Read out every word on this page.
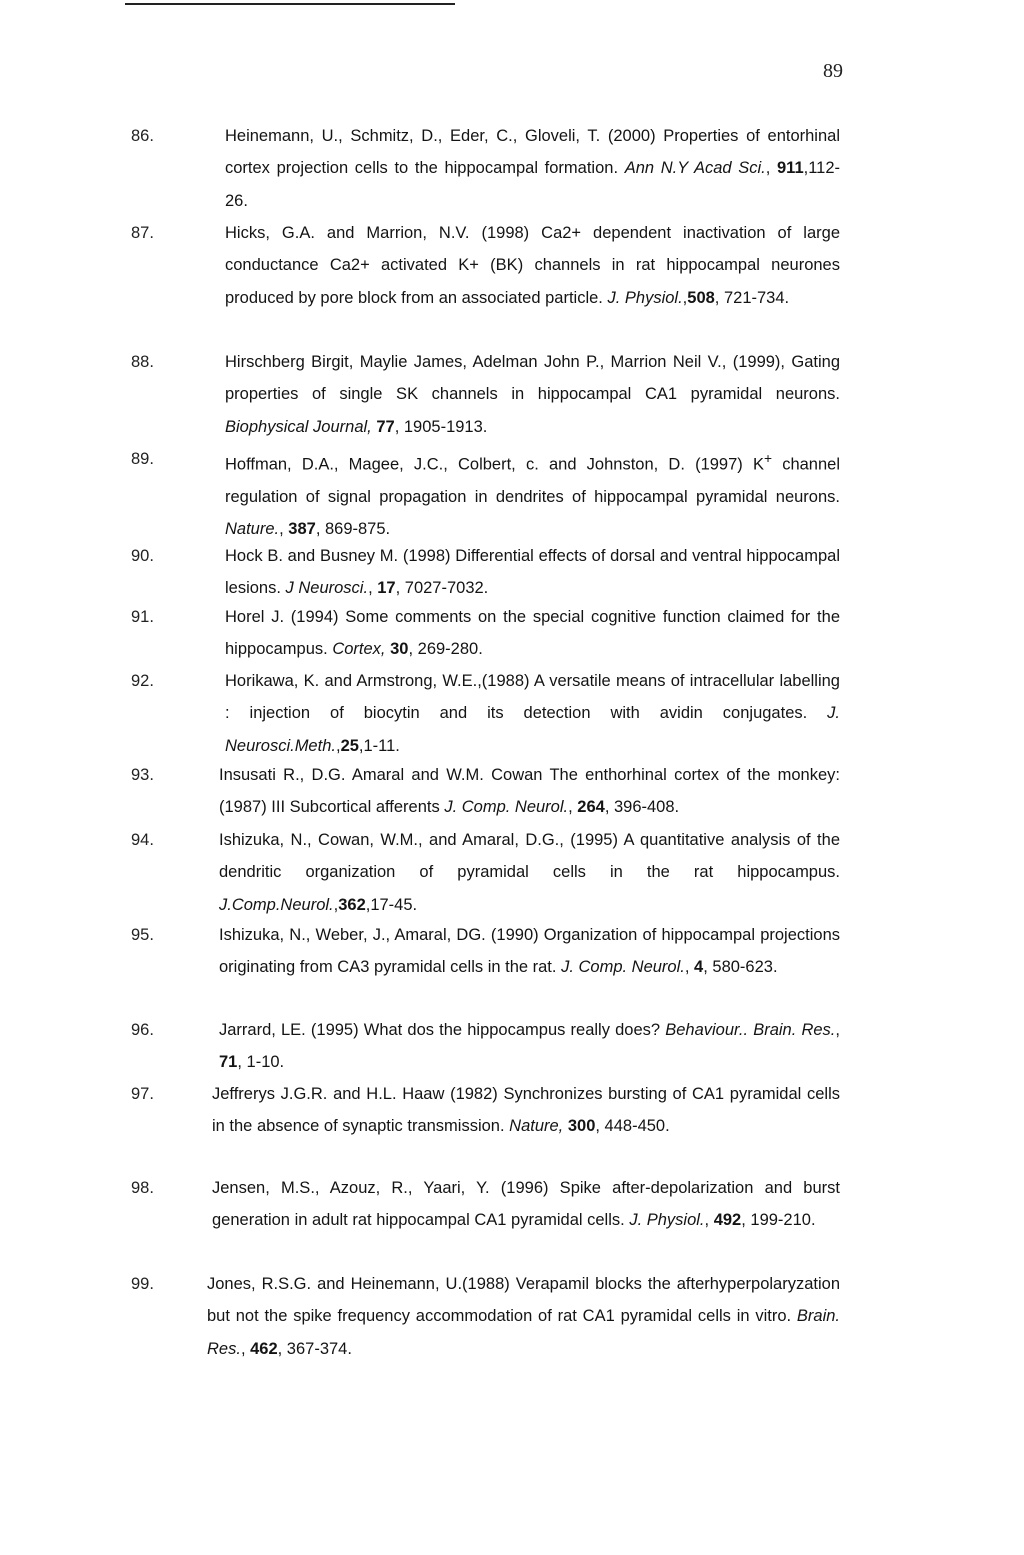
89
86.	Heinemann, U., Schmitz, D., Eder, C., Gloveli, T. (2000) Properties of entorhinal cortex projection cells to the hippocampal formation. Ann N.Y Acad Sci., 911,112-26.
87.	Hicks, G.A. and Marrion, N.V. (1998) Ca2+ dependent inactivation of large conductance Ca2+ activated K+ (BK) channels in rat hippocampal neurones produced by pore block from an associated particle. J. Physiol.,508, 721-734.
88.	Hirschberg Birgit, Maylie James, Adelman John P., Marrion Neil V., (1999), Gating properties of single SK channels in hippocampal CA1 pyramidal neurons. Biophysical Journal, 77, 1905-1913.
89.	Hoffman, D.A., Magee, J.C., Colbert, c. and Johnston, D. (1997) K+ channel regulation of signal propagation in dendrites of hippocampal pyramidal neurons. Nature., 387, 869-875.
90.	Hock B. and Busney M. (1998) Differential effects of dorsal and ventral hippocampal lesions. J Neurosci., 17, 7027-7032.
91.	Horel J. (1994) Some comments on the special cognitive function claimed for the hippocampus. Cortex, 30, 269-280.
92.	Horikawa, K. and Armstrong, W.E.,(1988) A versatile means of intracellular labelling : injection of biocytin and its detection with avidin conjugates. J. Neurosci.Meth.,25,1-11.
93.	Insusati R., D.G. Amaral and W.M. Cowan The enthorhinal cortex of the monkey: (1987) III Subcortical afferents J. Comp. Neurol., 264, 396-408.
94.	Ishizuka, N., Cowan, W.M., and Amaral, D.G., (1995) A quantitative analysis of the dendritic organization of pyramidal cells in the rat hippocampus. J.Comp.Neurol.,362,17-45.
95.	Ishizuka, N., Weber, J., Amaral, DG. (1990) Organization of hippocampal projections originating from CA3 pyramidal cells in the rat. J. Comp. Neurol., 4, 580-623.
96.	Jarrard, LE. (1995) What dos the hippocampus really does? Behaviour.. Brain. Res., 71, 1-10.
97.	Jeffrerys J.G.R. and H.L. Haaw (1982) Synchronizes bursting of CA1 pyramidal cells in the absence of synaptic transmission. Nature, 300, 448-450.
98.	Jensen, M.S., Azouz, R., Yaari, Y. (1996) Spike after-depolarization and burst generation in adult rat hippocampal CA1 pyramidal cells. J. Physiol., 492, 199-210.
99.	Jones, R.S.G. and Heinemann, U.(1988) Verapamil blocks the afterhyperpolaryzation but not the spike frequency accommodation of rat CA1 pyramidal cells in vitro. Brain. Res., 462, 367-374.
